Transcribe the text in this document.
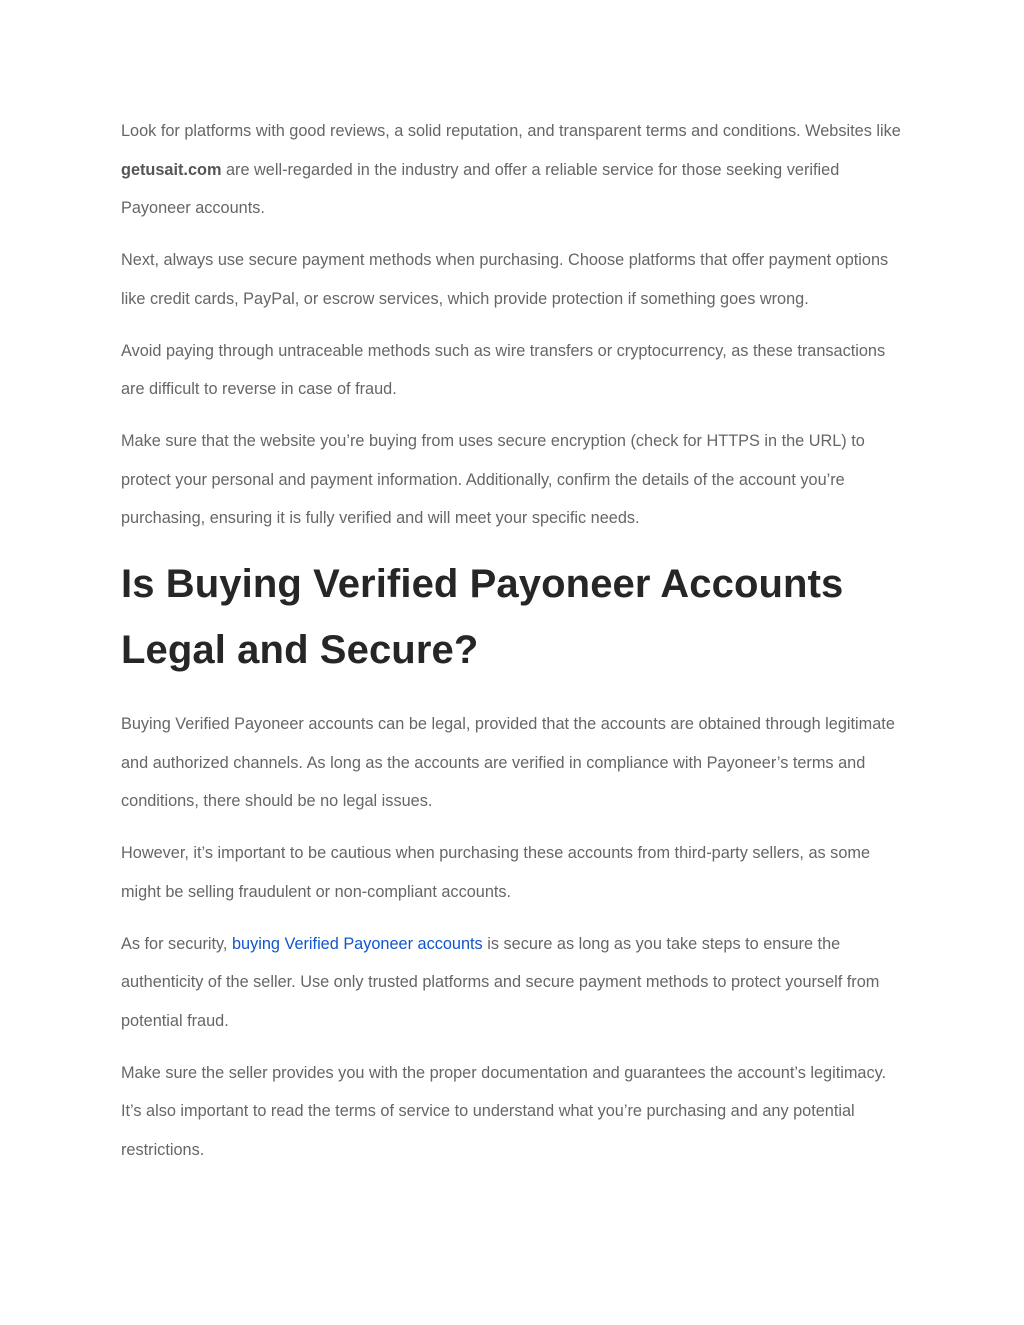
Look for platforms with good reviews, a solid reputation, and transparent terms and conditions. Websites like getusait.com are well-regarded in the industry and offer a reliable service for those seeking verified Payoneer accounts.

Next, always use secure payment methods when purchasing. Choose platforms that offer payment options like credit cards, PayPal, or escrow services, which provide protection if something goes wrong.

Avoid paying through untraceable methods such as wire transfers or cryptocurrency, as these transactions are difficult to reverse in case of fraud.

Make sure that the website you’re buying from uses secure encryption (check for HTTPS in the URL) to protect your personal and payment information. Additionally, confirm the details of the account you’re purchasing, ensuring it is fully verified and will meet your specific needs.

Is Buying Verified Payoneer Accounts Legal and Secure?

Buying Verified Payoneer accounts can be legal, provided that the accounts are obtained through legitimate and authorized channels. As long as the accounts are verified in compliance with Payoneer’s terms and conditions, there should be no legal issues.

However, it’s important to be cautious when purchasing these accounts from third-party sellers, as some might be selling fraudulent or non-compliant accounts.

As for security, buying Verified Payoneer accounts is secure as long as you take steps to ensure the authenticity of the seller. Use only trusted platforms and secure payment methods to protect yourself from potential fraud.

Make sure the seller provides you with the proper documentation and guarantees the account’s legitimacy. It’s also important to read the terms of service to understand what you’re purchasing and any potential restrictions.
